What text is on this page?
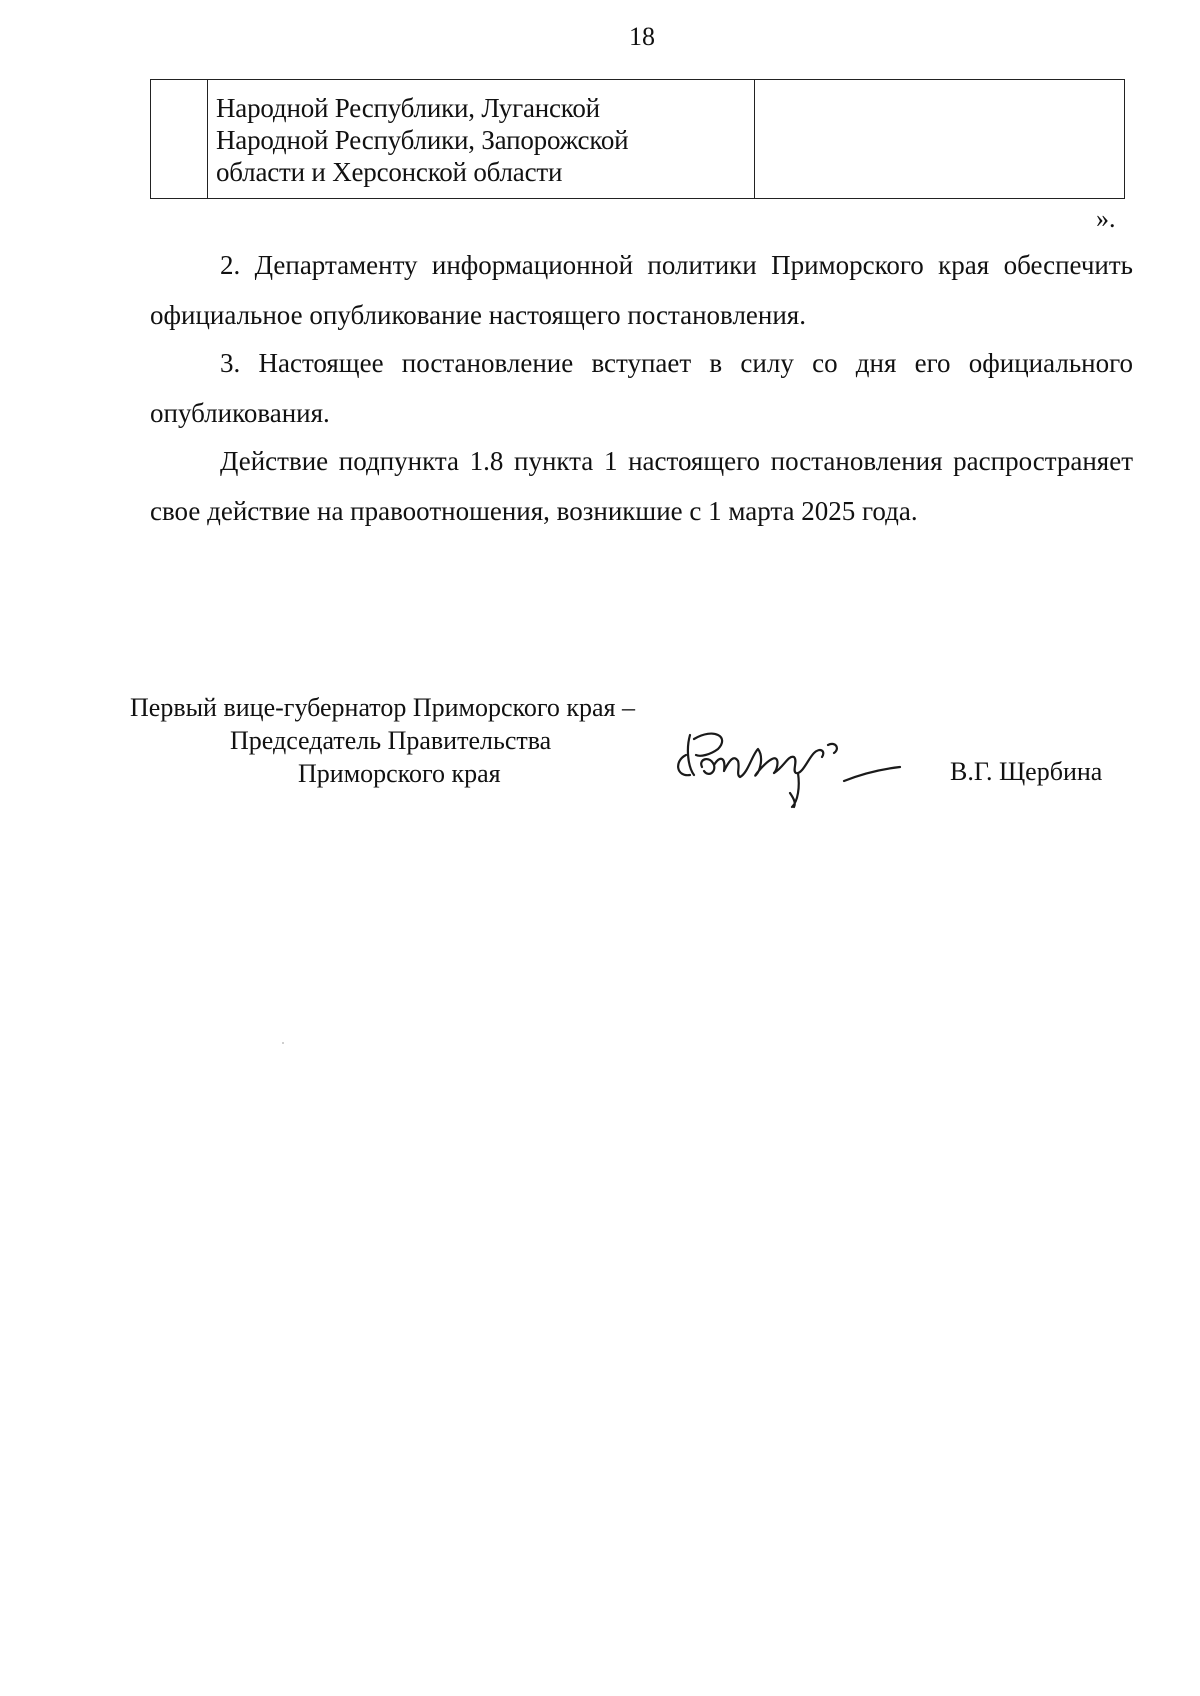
18

Народной Республики, Луганской
Народной Республики, Запорожской
области и Херсонской области

».
2. Департаменту информационной политики Приморского края обеспечить официальное опубликование настоящего постановления.
3. Настоящее постановление вступает в силу со дня его официального опубликования.
Действие подпункта 1.8 пункта 1 настоящего постановления распространяет свое действие на правоотношения, возникшие с 1 марта 2025 года.
Первый вице-губернатор Приморского края –
Председатель Правительства
Приморского края	В.Г. Щербина
